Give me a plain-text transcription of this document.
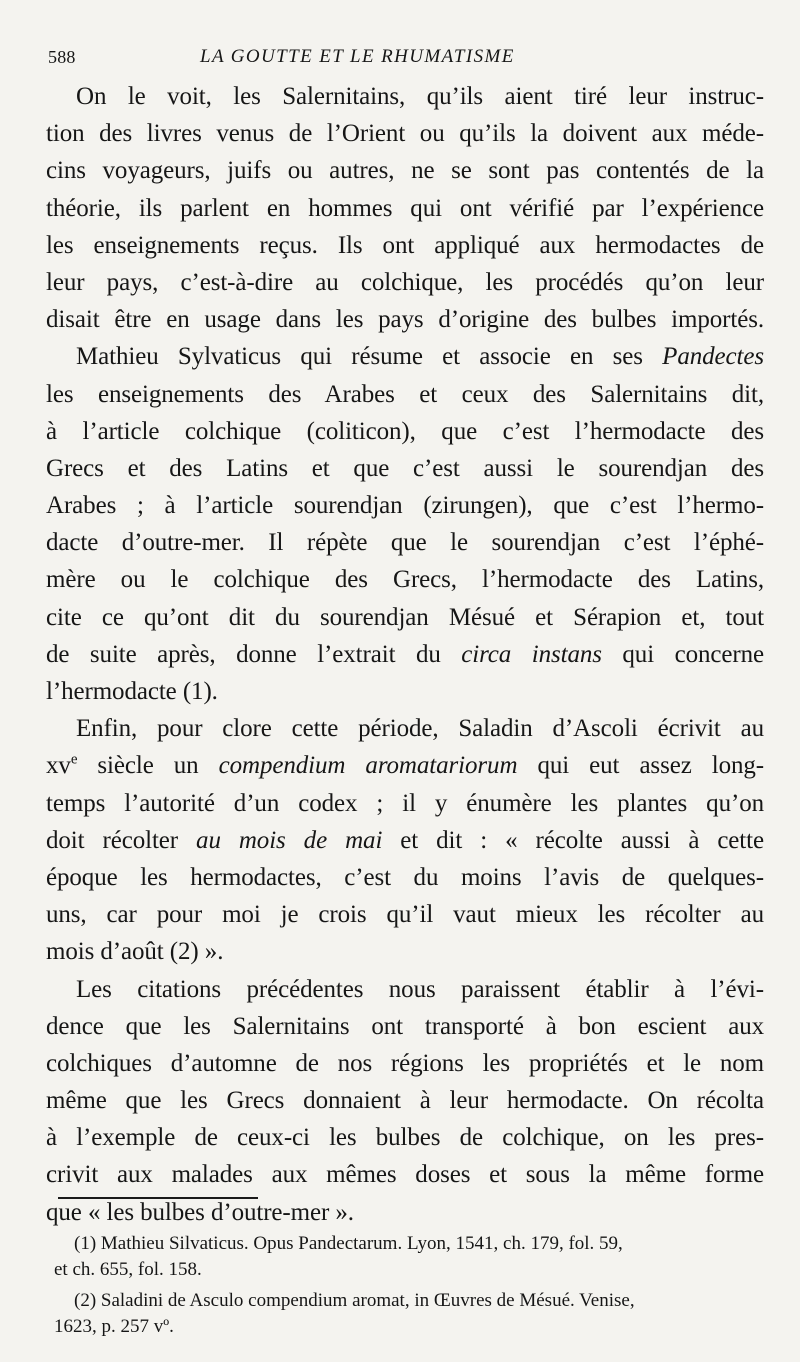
588	LA GOUTTE ET LE RHUMATISME
On le voit, les Salernitains, qu’ils aient tiré leur instruc-
tion des livres venus de l’Orient ou qu’ils la doivent aux méde-
cins voyageurs, juifs ou autres, ne se sont pas contentés de la
théorie, ils parlent en hommes qui ont vérifié par l’expérience
les enseignements reçus. Ils ont appliqué aux hermodactes de
leur pays, c’est-à-dire au colchique, les procédés qu’on leur
disait être en usage dans les pays d’origine des bulbes importés.
Mathieu Sylvaticus qui résume et associe en ses Pandectes
les enseignements des Arabes et ceux des Salernitains dit,
à l’article colchique (coliticon), que c’est l’hermodacte des
Grecs et des Latins et que c’est aussi le sourendjan des
Arabes ; à l’article sourendjan (zirungen), que c’est l’hermo-
dacte d’outre-mer. Il répète que le sourendjan c’est l’éphé-
mère ou le colchique des Grecs, l’hermodacte des Latins,
cite ce qu’ont dit du sourendjan Mésué et Sérapion et, tout
de suite après, donne l’extrait du circa instans qui concerne
l’hermodacte (1).
Enfin, pour clore cette période, Saladin d’Ascoli écrivit au
$xv^e$ siècle un compendium aromatariorum qui eut assez long-
temps l’autorité d’un codex ; il y énumère les plantes qu’on
doit récolter au mois de mai et dit : « récolte aussi à cette
époque les hermodactes, c’est du moins l’avis de quelques-
uns, car pour moi je crois qu’il vaut mieux les récolter au
mois d’août (2) ».
Les citations précédentes nous paraissent établir à l’évi-
dence que les Salernitains ont transporté à bon escient aux
colchiques d’automne de nos régions les propriétés et le nom
même que les Grecs donnaient à leur hermodacte. On récolta
à l’exemple de ceux-ci les bulbes de colchique, on les pres-
crivit aux malades aux mêmes doses et sous la même forme
que « les bulbes d’outre-mer ».
(1) Mathieu Silvaticus. Opus Pandectarum. Lyon, 1541, ch. 179, fol. 59,
et ch. 655, fol. 158.
(2) Saladini de Asculo compendium aromat, in Œuvres de Mésué. Venise,
1623, p. 257 vº.
